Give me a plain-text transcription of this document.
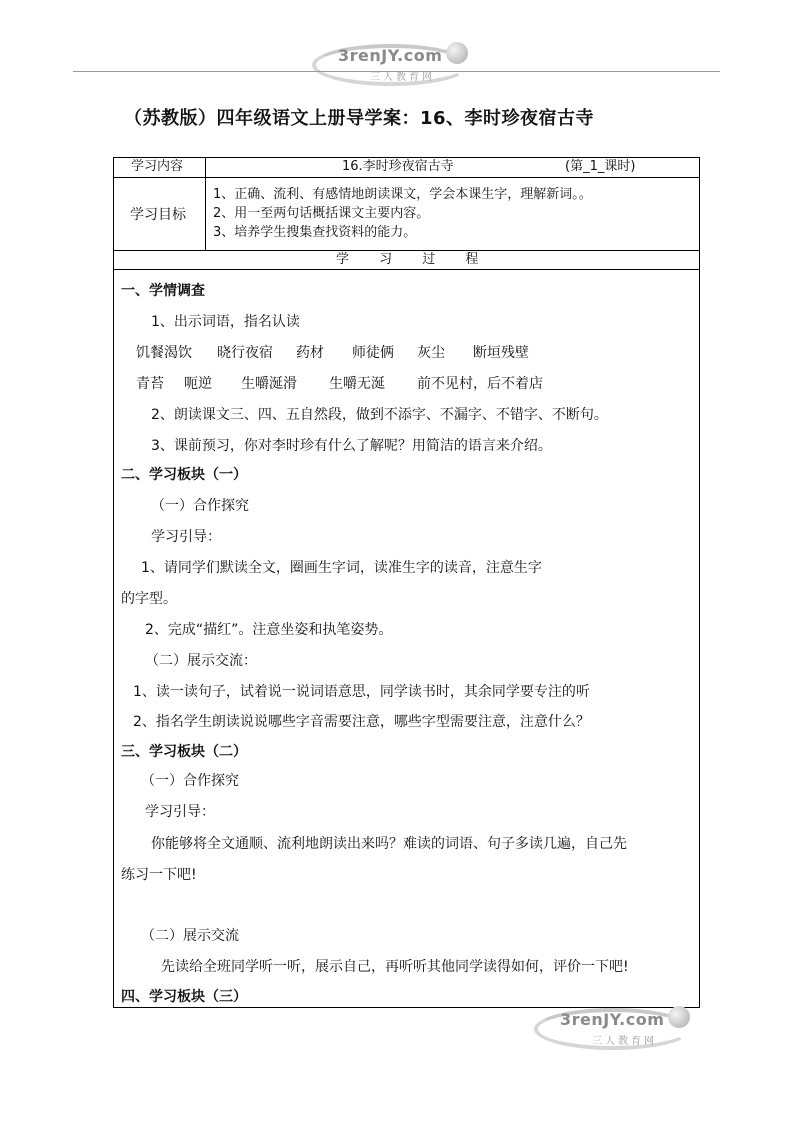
3renJY.com
三人教育网
（苏教版）四年级语文上册导学案：16、李时珍夜宿古寺
学习内容	16.李时珍夜宿古寺	(第_1_课时)
学习目标
1、正确、流利、有感情地朗读课文，学会本课生字，理解新词。。
2、用一至两句话概括课文主要内容。
3、培养学生搜集查找资料的能力。
学 习 过 程
一、学情调查
1、出示词语，指名认读
饥餐渴饮 晓行夜宿 药材 师徒俩 灰尘 断垣残壁
青苔 呃逆 生嚼涎滑 生嚼无涎 前不见村，后不着店
2、朗读课文三、四、五自然段，做到不添字、不漏字、不错字、不断句。
3、课前预习，你对李时珍有什么了解呢？用简洁的语言来介绍。
二、学习板块（一）
（一）合作探究
学习引导：
1、请同学们默读全文，圈画生字词，读准生字的读音，注意生字
的字型。
2、完成“描红”。注意坐姿和执笔姿势。
（二）展示交流：
1、读一读句子，试着说一说词语意思，同学读书时，其余同学要专注的听
2、指名学生朗读说说哪些字音需要注意，哪些字型需要注意，注意什么？
三、学习板块（二）
（一）合作探究
学习引导：
你能够将全文通顺、流利地朗读出来吗？难读的词语、句子多读几遍，自己先
练习一下吧!
（二）展示交流
先读给全班同学听一听，展示自己，再听听其他同学读得如何，评价一下吧!
四、学习板块（三）
3renJY.com
三人教育网
